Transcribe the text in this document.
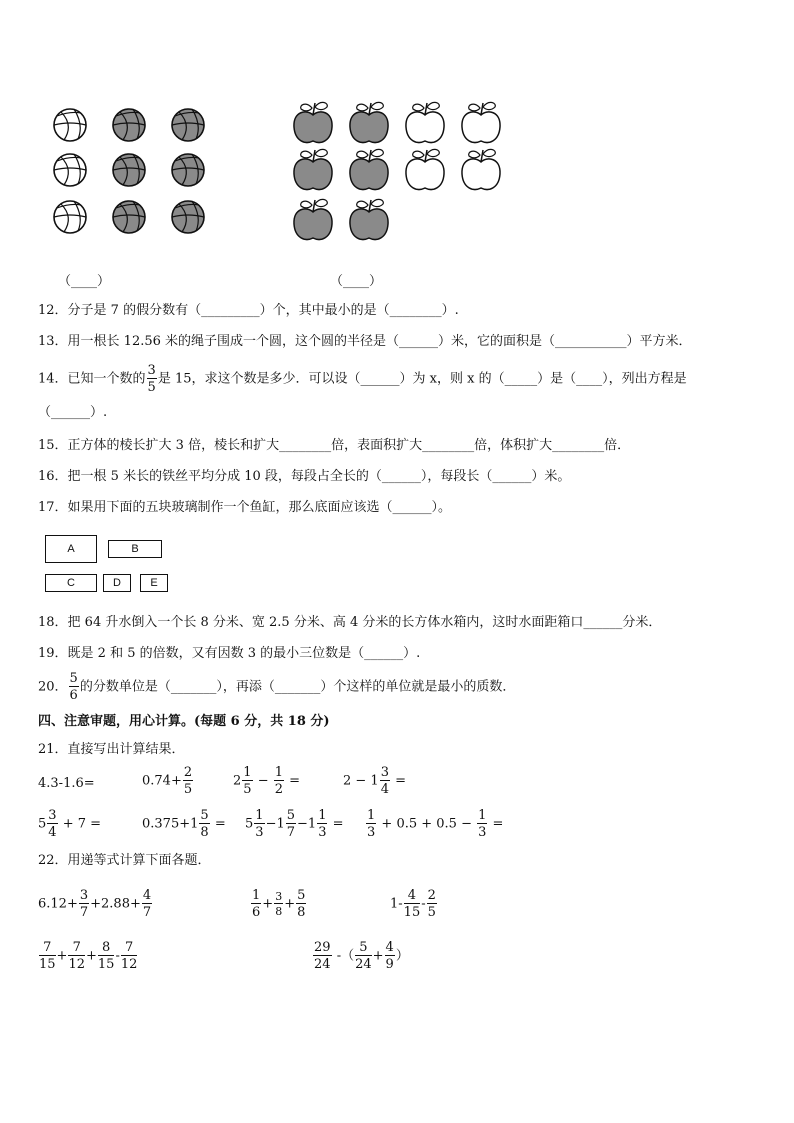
（____）	（____）
12．分子是 7 的假分数有（_________）个，其中最小的是（________）.
13．用一根长 12.56 米的绳子围成一个圆，这个圆的半径是（______）米，它的面积是（___________）平方米．
14．已知一个数的 $\frac{3}{5}$ 是 15，求这个数是多少．可以设（______）为 x，则 x 的（_____）是（____），列出方程是
（______）.
15．正方体的棱长扩大 3 倍，棱长和扩大________倍，表面积扩大________倍，体积扩大________倍．
16．把一根 5 米长的铁丝平均分成 10 段，每段占全长的（______），每段长（______）米。
17．如果用下面的五块玻璃制作一个鱼缸，那么底面应该选（______）。
A	B
C	D	E
18．把 64 升水倒入一个长 8 分米、宽 2.5 分米、高 4 分米的长方体水箱内，这时水面距箱口______分米．
19．既是 2 和 5 的倍数，又有因数 3 的最小三位数是（______）.
20． $\frac{5}{6}$ 的分数单位是（_______），再添（_______）个这样的单位就是最小的质数．
四、注意审题，用心计算。(每题 6 分，共 18 分)
21．直接写出计算结果．
4.3-1.6=	$0.74+ \frac{2}{5}$	$2 \frac{1}{5} - \frac{1}{2}$ =	$2 - 1 \frac{3}{4}$ =
$5 \frac{3}{4} + 7$ =	$0.375+1 \frac{5}{8} = 5 \frac{1}{3} -1 \frac{5}{7} -1 \frac{1}{3} = \frac{1}{3} + 0.5 + 0.5 - \frac{1}{3}$ =
22．用递等式计算下面各题．
$6.12+ \frac{3}{7} +2.88+ \frac{4}{7}$	$\frac{1}{6} + \frac{3}{8} + \frac{5}{8}$	$1- \frac{4}{15} - \frac{2}{5}$
$\frac{7}{15} + \frac{7}{12} + \frac{8}{15} - \frac{7}{12}$	$\frac{29}{24}$ -（ $\frac{5}{24} + \frac{4}{9}$ ）
